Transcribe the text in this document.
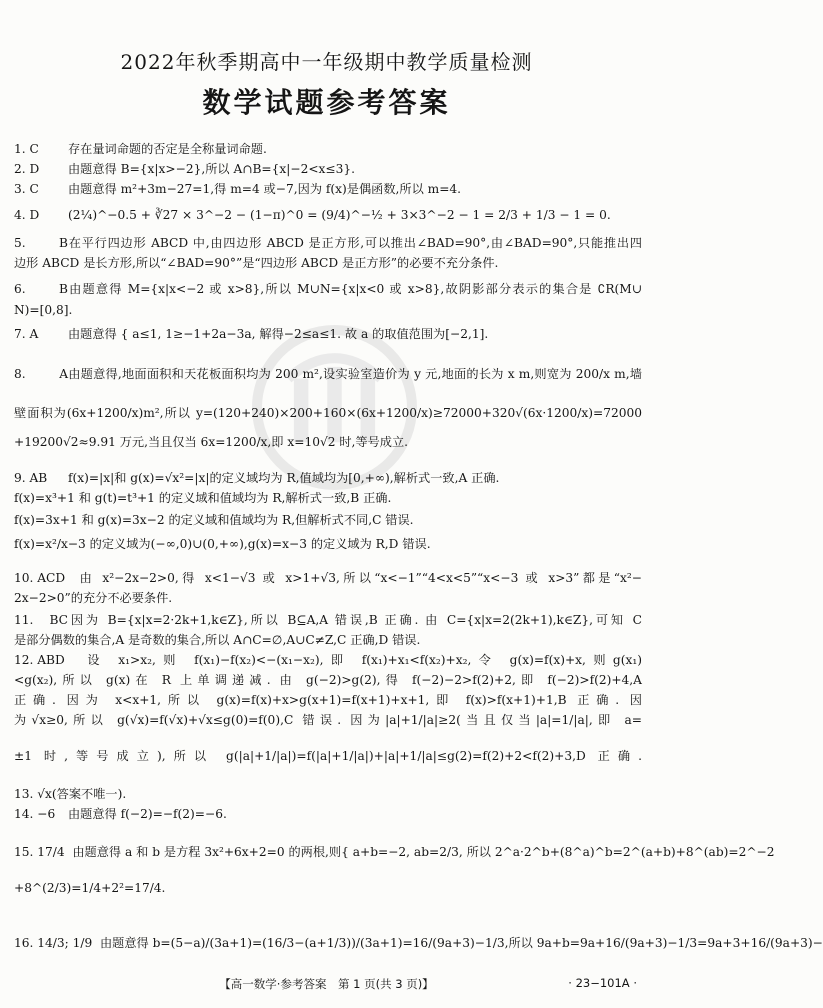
2022年秋季期高中一年级期中教学质量检测
数学试题参考答案
1. C 存在量词命题的否定是全称量词命题.
2. D 由题意得 B={x|x>−2},所以 A∩B={x|−2<x≤3}.
3. C 由题意得 m²+3m−27=1,得 m=4 或−7,因为 f(x)是偶函数,所以 m=4.
4. D (2¼)^−0.5 + ∛27 × 3^−2 − (1−π)^0 = (9/4)^−½ + 3×3^−2 − 1 = 2/3 + 1/3 − 1 = 0.
5. B在平行四边形 ABCD 中,由四边形 ABCD 是正方形,可以推出∠BAD=90°,由∠BAD=90°,只能推出四
边形 ABCD 是长方形,所以“∠BAD=90°”是“四边形 ABCD 是正方形”的必要不充分条件.
6. B由题意得 M={x|x<−2 或 x>8},所以 M∪N={x|x<0 或 x>8},故阴影部分表示的集合是 ∁R(M∪
N)=[0,8].
7. A 由题意得 { a≤1, 1≥−1+2a−3a, 解得−2≤a≤1. 故 a 的取值范围为[−2,1].
8. A由题意得,地面面积和天花板面积均为 200 m²,设实验室造价为 y 元,地面的长为 x m,则宽为 200/x m,墙
壁面积为(6x+1200/x)m²,所以 y=(120+240)×200+160×(6x+1200/x)≥72000+320√(6x·1200/x)=72000
+19200√2≈9.91 万元,当且仅当 6x=1200/x,即 x=10√2 时,等号成立.
9. AB f(x)=|x|和 g(x)=√x²=|x|的定义域均为 R,值域均为[0,+∞),解析式一致,A 正确.
f(x)=x³+1 和 g(t)=t³+1 的定义域和值域均为 R,解析式一致,B 正确.
f(x)=3x+1 和 g(x)=3x−2 的定义域和值域均为 R,但解析式不同,C 错误.
f(x)=x²/x−3 的定义域为(−∞,0)∪(0,+∞),g(x)=x−3 的定义域为 R,D 错误.
10. ACD 由 x²−2x−2>0,得 x<1−√3 或 x>1+√3,所以“x<−1”“4<x<5”“x<−3 或 x>3”都是“x²−
2x−2>0”的充分不必要条件.
11. BC因为 B={x|x=2·2k+1,k∈Z},所以 B⊆A,A 错误,B 正确. 由 C={x|x=2(2k+1),k∈Z},可知 C
是部分偶数的集合,A 是奇数的集合,所以 A∩C=∅,A∪C≠Z,C 正确,D 错误.
12. ABD 设 x₁>x₂,则 f(x₁)−f(x₂)<−(x₁−x₂),即 f(x₁)+x₁<f(x₂)+x₂,令 g(x)=f(x)+x,则g(x₁)
<g(x₂),所以 g(x)在 R 上单调递减. 由 g(−2)>g(2),得 f(−2)−2>f(2)+2,即 f(−2)>f(2)+4,A
正确. 因为 x<x+1,所以 g(x)=f(x)+x>g(x+1)=f(x+1)+x+1,即 f(x)>f(x+1)+1,B 正确. 因
为√x≥0,所以 g(√x)=f(√x)+√x≤g(0)=f(0),C 错误. 因为|a|+1/|a|≥2(当且仅当|a|=1/|a|,即 a=
±1 时,等号成立),所以 g(|a|+1/|a|)=f(|a|+1/|a|)+|a|+1/|a|≤g(2)=f(2)+2<f(2)+3,D 正确.
13. √x(答案不唯一).
14. −6 由题意得 f(−2)=−f(2)=−6.
15. 17/4 由题意得 a 和 b 是方程 3x²+6x+2=0 的两根,则{ a+b=−2, ab=2/3, 所以 2^a·2^b+(8^a)^b=2^(a+b)+8^(ab)=2^−2
+8^(2/3)=1/4+2²=17/4.
16. 14/3; 1/9 由题意得 b=(5−a)/(3a+1)=(16/3−(a+1/3))/(3a+1)=16/(9a+3)−1/3,所以 9a+b=9a+16/(9a+3)−1/3=9a+3+16/(9a+3)−
【高一数学·参考答案　第 1 页(共 3 页)】	· 23−101A ·
